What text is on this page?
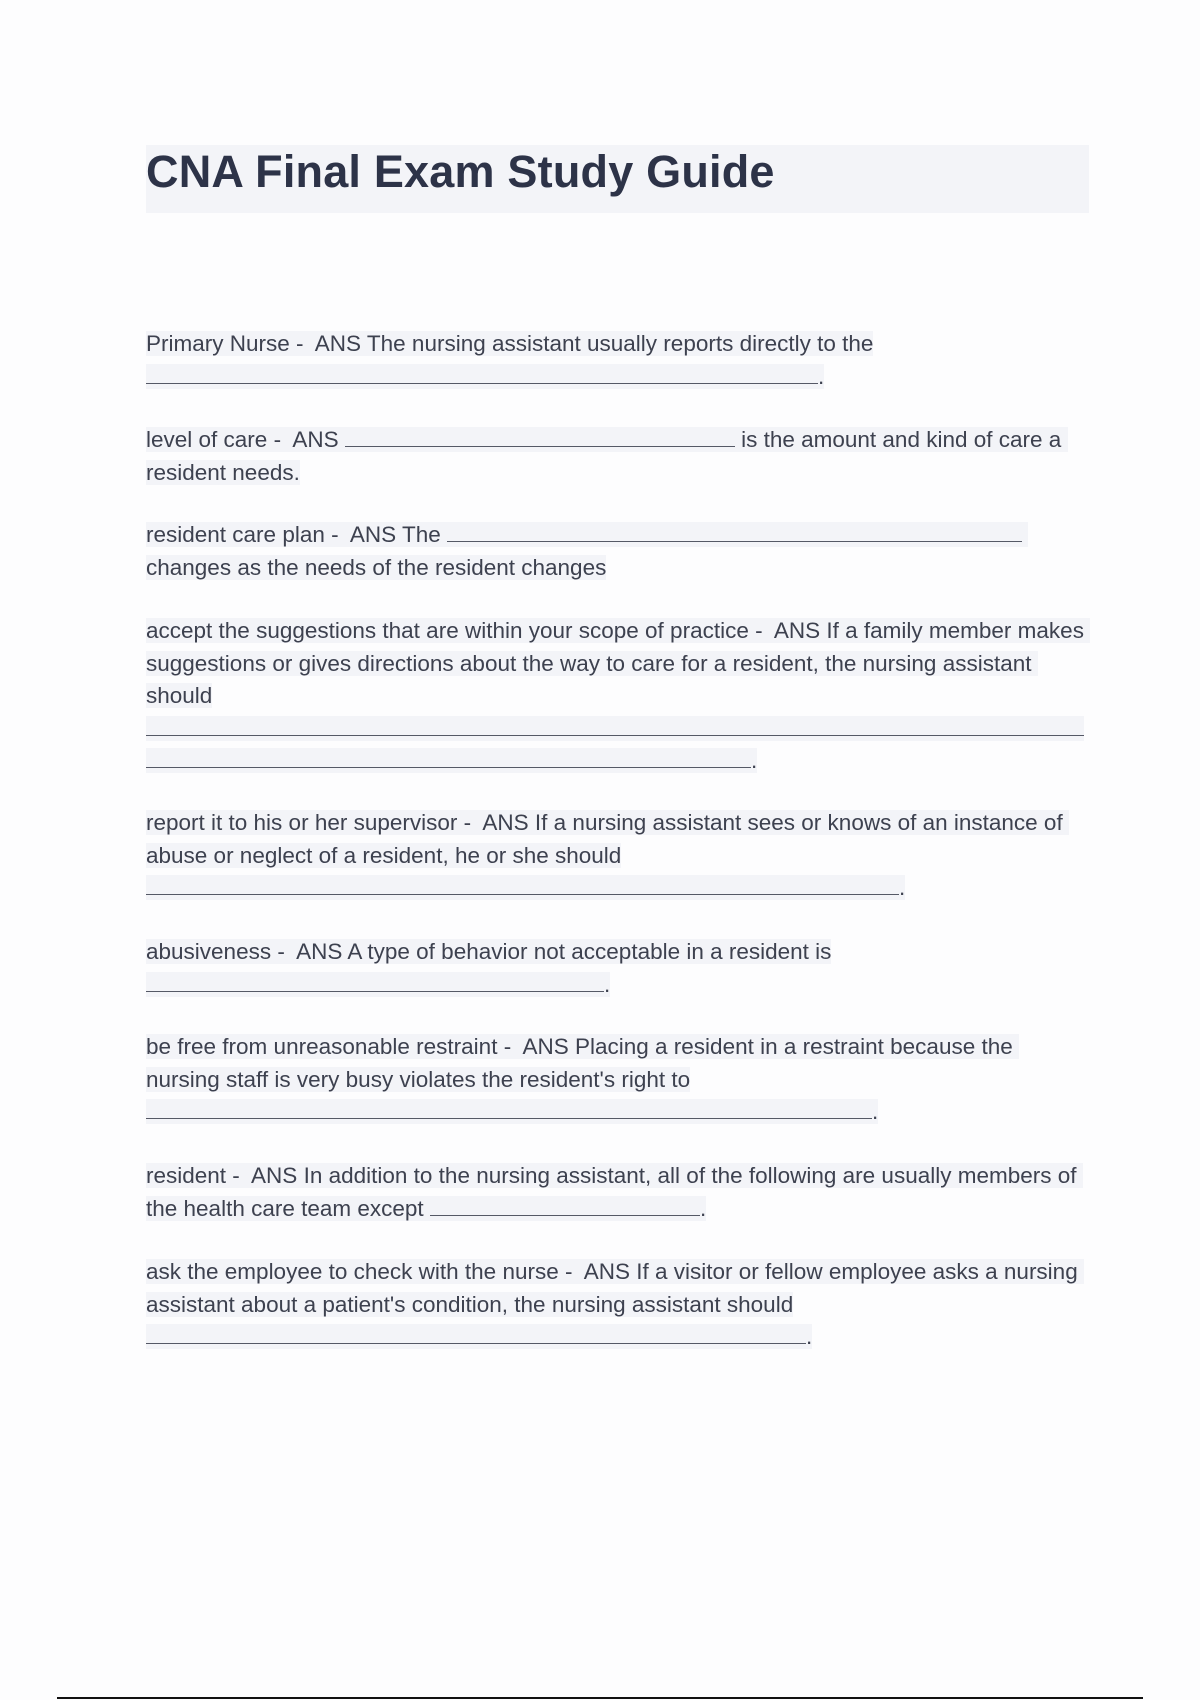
CNA Final Exam Study Guide
Primary Nurse -  ANS The nursing assistant usually reports directly to the
.
level of care -  ANS	is the amount and kind of care a resident needs.
resident care plan -  ANS The	changes as the needs of the resident changes
accept the suggestions that are within your scope of practice -  ANS If a family member makes suggestions or gives directions about the way to care for a resident, the nursing assistant should

.
report it to his or her supervisor -  ANS If a nursing assistant sees or knows of an instance of abuse or neglect of a resident, he or she should
.
abusiveness -  ANS A type of behavior not acceptable in a resident is
.
be free from unreasonable restraint -  ANS Placing a resident in a restraint because the nursing staff is very busy violates the resident's right to
.
resident -  ANS In addition to the nursing assistant, all of the following are usually members of the health care team except	.
ask the employee to check with the nurse -  ANS If a visitor or fellow employee asks a nursing assistant about a patient's condition, the nursing assistant should
.
